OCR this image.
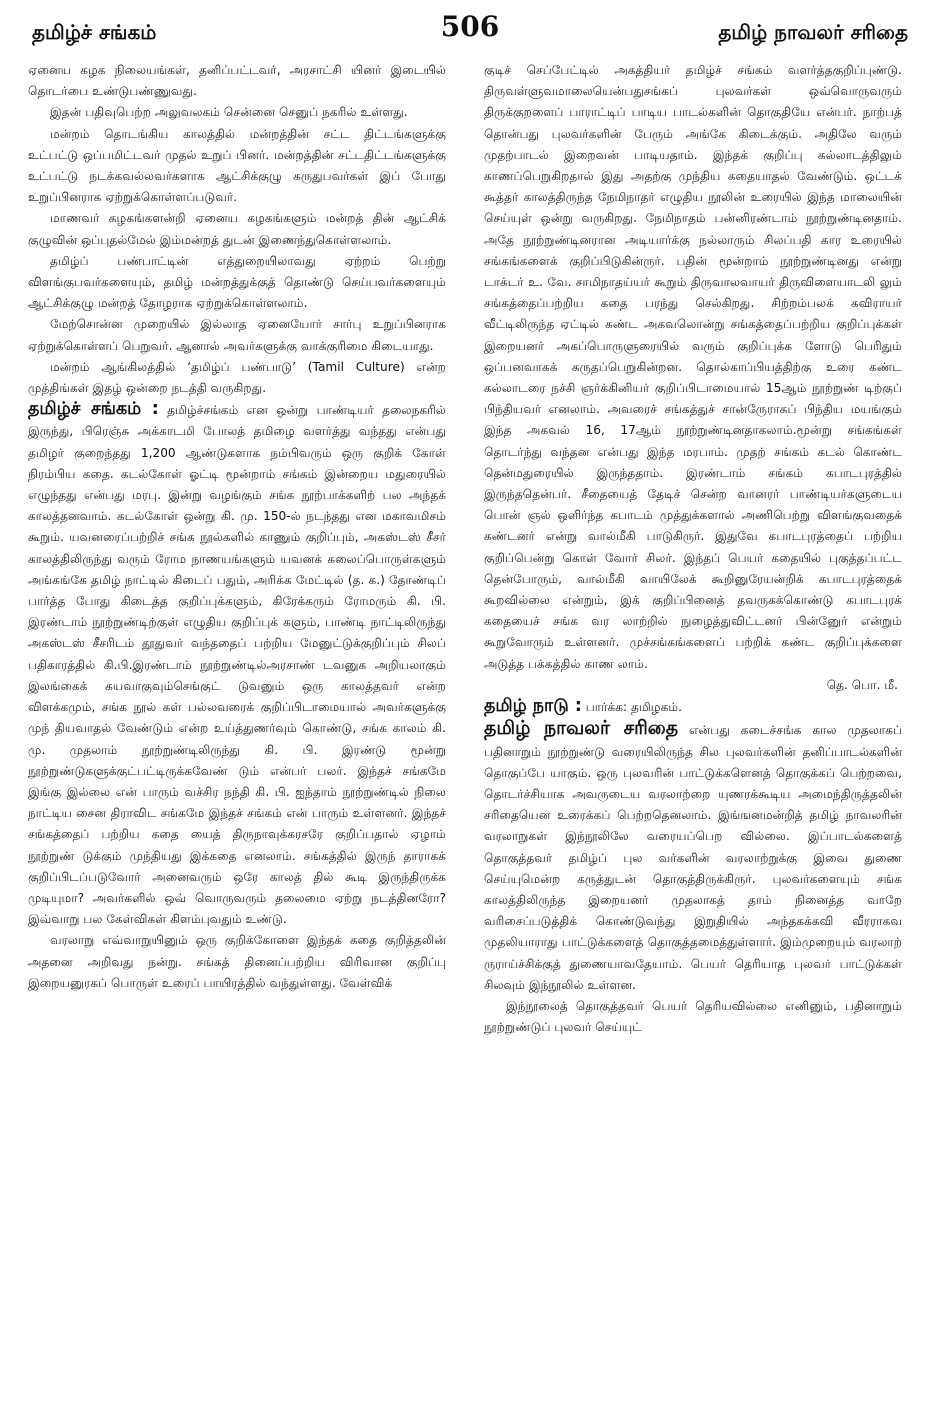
தமிழ்ச் சங்கம்	506	தமிழ் நாவலர் சரிதை

ஏனைய கழக நிலையங்கள், தனிப்பட்டவர், அரசாட்சி யினர் இடையில் தொடர்பை உண்டுபண்ணுவது.

இதன் பதிவுபெற்ற அலுவலகம் சென்னை செனுப் நகரில் உள்ளது.

மன்றம் தொடங்கிய காலத்தில் மன்றத்தின் சட்ட திட்டங்களுக்கு உட்பட்டு ஒப்பமிட்டவர் முதல் உறுப் பினர். மன்றத்தின் சட்டதிட்டங்களுக்கு உட்பட்டு நடக்கவல்லவர்களாக ஆட்சிக்குழு கருதுபவர்கள் இப் போது உறுப்பினராக ஏற்றுக்கொள்ளப்படுவர்.

மாணவர் கழகங்களன்றி ஏனைய கழகங்களும் மன்றத் தின் ஆட்சிக் குழுவின் ஒப்புதல்மேல் இம்மன்றத் துடன் இணைந்துகொள்ளலாம்.

தமிழ்ப் பண்பாட்டின் எத்துறையிலாவது ஏற்றம் பெற்று விளங்குபவர்களையும், தமிழ் மன்றத்துக்குத் தொண்டு செய்பவர்களையும் ஆட்சிக்குழு மன்றத் தோழராக ஏற்றுக்கொள்ளலாம்.

மேற்சொன்ன முறையில் இல்லாத ஏனையோர் சார்பு உறுப்பினராக ஏற்றுக்கொள்ளப் பெறுவர். ஆனால் அவர்களுக்கு வாக்குரிமை கிடையாது.

மன்றம் ஆங்கிலத்தில் ‘தமிழ்ப் பண்பாடு’ (Tamil Culture) என்ற முத்திங்கள் இதழ் ஒன்றை நடத்தி வருகிறது.

தமிழ்ச் சங்கம் : தமிழ்ச்சங்கம் என ஒன்று பாண்டியர் தலைநகரில் இருந்து, பிரெஞ்சு அக்காடமி போலத் தமிழை வளர்த்து வந்தது என்பது தமிழர் குறைந்தது 1,200 ஆண்டுகளாக நம்பிவரும் ஒரு குறிக் கோள் நிரம்பிய கதை. கடல்கோள் ஓட்டி மூன்றாம் சங்கம் இன்றைய மதுரையில் எழுந்தது என்பது மரபு. இன்று வழங்கும் சங்க நூற்பாக்களிற் பல அந்தக் காலத்தனவாம். கடல்கோள் ஒன்று கி. மு. 150-ல் நடந்தது என மகாவமிசம் கூறும். யவனரைப்பற்றிச் சங்க நூல்களில் காணும் குறிப்பும், அகஸ்டஸ் சீசர் காலத்திலிருந்து வரும் ரோம நாணயங்களும் யவனக் கலைப்பொருள்களும் அங்கங்கே தமிழ் நாட்டில் கிடைப் பதும், அரிக்க மேட்டில் (த. க.) தோண்டிப் பார்த்த போது கிடைத்த குறிப்புக்களும், கிரேக்கரும் ரோமரும் கி. பி. இரண்டாம் நூற்றுண்டிற்குள் எழுதிய குறிப்புக் களும், பாண்டி நாட்டிலிருந்து அகஸ்டஸ் சீசரிடம் தூதுவர் வந்ததைப் பற்றிய மேனுட்டுக்குறிப்பும் சிலப் பதிகாரத்தில் கி.பி.இரண்டாம் நூற்றுண்டில்அரசாண் டவனுக அறியலாகும் இலங்கைக் கயவாகுவும்செங்குட் டுவனும் ஒரு காலத்தவர் என்ற விளக்கமும், சங்க நூல் கள் பல்லவரைக் குறிப்பிடாமையால் அவர்களுக்கு முந் தியவாதல் வேண்டும் என்ற உய்த்துணர்வும் கொண்டு, சங்க காலம் கி. மு. முதலாம் நூற்றுண்டிலிருந்து கி. பி. இரண்டு மூன்று நூற்றுண்டுகளுக்குட்பட்டிருக்கவேண் டும் என்பர் பலர். இந்தச் சங்கமே இங்கு இல்லை என் பாரும் வச்சிர நந்தி கி. பி. ஐந்தாம் நூற்றுண்டில் நிலை நாட்டிய சைன திராவிட சங்கமே இந்தச் சங்கம் என் பாரும் உள்ளனர். இந்தச் சங்கத்தைப் பற்றிய கதை யைத் திருநாவுக்கரசரே குறிப்பதால் ஏழாம் நூற்றுண் டுக்கும் முந்தியது இக்கதை எனலாம். சங்கத்தில் இருந் தாராகக் குறிப்பிடப்படுவோர் அனைவரும் ஒரே காலத் தில் கூடி இருந்திருக்க முடியுமா? அவர்களில் ஒவ் வொருவரும் தலைமை ஏற்று நடத்தினரோ? இவ்வாறு பல கேள்விகள் கிளம்புவதும் உண்டு.

வரலாறு எவ்வாறுயினும் ஒரு குறிக்கோளை இந்தக் கதை குறித்தலின் அதனை அறிவது நன்று. சங்கத் தினைப்பற்றிய விரிவான குறிப்பு இறையனுரகப் பொருள் உரைப் பாயிரத்தில் வந்துள்ளது. வேள்விக்

குடிச் செப்பேட்டில் அகத்தியர் தமிழ்ச் சங்கம் வளர்த்தகுறிப்புண்டு. திருவள்ளுவமாலையென்பதுசங்கப் புலவர்கள் ஒவ்வொருவரும் திருக்குறளைப் பாராட்டிப் பாடிய பாடல்களின் தொகுதியே என்பர். நாற்பத் தொன்பது புலவர்களின் பேரும் அங்கே கிடைக்கும். அதிலே வரும் முதற்பாடல் இறைவன் பாடியதாம். இந்தக் குறிப்பு கல்லாடத்திலும் காணப்பெறுகிறதால் இது அதற்கு முந்திய கதையாதல் வேண்டும். ஒட்டக் கூத்தர் காலத்திருந்த நேமிநாதர் எழுதிய நூலின் உரையில் இந்த மாலையின் செய்யுள் ஒன்று வருகிறது. நேமிநாதம் பன்னிரண்டாம் நூற்றுண்டினதாம். அதே நூற்றுண்டினரான அடியார்க்கு நல்லாரும் சிலப்பதி கார உரையில் சங்கங்களைக் குறிப்பிடுகின்ருர். பதின் மூன்றாம் நூற்றுண்டினது என்று டாக்டர் உ. வே. சாமிநாதய்யர் கூறும் திருவாலவாயர் திருவிளையாடலி லும் சங்கத்தைப்பற்றிய கதை பரந்து செல்கிறது. சிற்றம்பலக் கவிராயர் வீட்டிலிருந்த ஏட்டில் கண்ட அகவலொன்று சங்கத்தைப்பற்றிய குறிப்புக்கள் இறையனர் அகப்பொருளுரையில் வரும் குறிப்புக்க ளோடு பெரிதும் ஒப்பனவாகக் கருதப்பெறுகின்றன. தொல்காப்பியத்திற்கு உரை கண்ட கல்லாடரை நச்சி ஞர்க்கினியர் குறிப்பிடாமையால் 15ஆம் நூற்றுண் டிற்குப் பிந்தியவர் எனலாம். அவரைச் சங்கத்துச் சான்ருேராகப் பிந்திய மயங்கும் இந்த அகவல் 16, 17ஆம் நூற்றுண்டினதாகலாம்.மூன்று சங்கங்கள் தொடர்ந்து வந்தன என்பது இந்த மரபாம். முதற் சங்கம் கடல் கொண்ட தென்மதுரையில் இருந்ததாம். இரண்டாம் சங்கம் கபாடபுரத்தில் இருந்ததென்பர். சீதையைத் தேடிச் சென்ற வானரர் பாண்டியர்களுடைய பொன் ஞல் ஒளிர்ந்த கபாடம் முத்துக்களால் அணிபெற்று விளங்குவதைக் கண்டனர் என்று வால்மீகி பாடுகிருர். இதுவே கபாடபுரத்தைப் பற்றிய குறிப்பென்று கொள் வோர் சிலர். இந்தப் பெயர் கதையில் புகுத்தப்பட்ட தென்போரும், வால்மீகி வாயிலேக் கூறினுரேயன்றிக் கபாடபுரத்தைக் கூறவில்லை என்றும், இக் குறிப்பினைத் தவருகக்கொண்டு கபாடபுரக் கதையைச் சங்க வர லாற்றில் நுழைத்துவிட்டனர் பின்னுேர் என்றும் கூறுவோரும் உள்ளனர். முச்சங்கங்களைப் பற்றிக் கண்ட குறிப்புக்களை அடுத்த பக்கத்தில் காண லாம்.

தெ. பொ. மீ.

தமிழ் நாடு : பார்க்க: தமிழகம்.

தமிழ் நாவலர் சரிதை என்பது கடைச்சங்க கால முதலாகப் பதினாறும் நூற்றுண்டு வரையிலிருந்த சில புலவர்களின் தனிப்பாடல்களின் தொகுப்பே யாகும். ஒரு புலவரின் பாட்டுக்களெனத் தொகுக்கப் பெற்றவை, தொடர்ச்சியாக அவருடைய வரலாற்றை யுணரக்கூடிய அமைந்திருத்தலின் சரிதையென உரைக்கப் பெற்றதெனலாம். இங்ஙனமன்றித் தமிழ் நாவலரின் வரலாறுகள் இந்நூலிலே வரையப்பெற வில்லை. இப்பாடல்களைத் தொகுத்தவர் தமிழ்ப் புல வர்களின் வரலாற்றுக்கு இவை துணை செய்யுமென்ற கருத்துடன் தொகுத்திருக்கிருர். புலவர்களையும் சங்க காலத்திலிருந்த இறையனர் முதலாகத் தாம் நினைத்த வாறே வரிசைப்படுத்திக் கொண்டுவந்து இறுதியில் அந்தகக்கவி வீரராகவ முதலியாராது பாட்டுக்களைத் தொகுத்தமைத்துள்ளார். இம்முறையும் வரலாற் ருராய்ச்சிக்குத் துணையாவதேயாம். பெயர் தெரியாத புலவர் பாட்டுக்கள் சிலவும் இந்நூலில் உள்ளன.

இந்நூலைத் தொகுத்தவர் பெயர் தெரியவில்லை எனினும், பதினாறும் நூற்றுண்டுப் புலவர் செய்யுட்
